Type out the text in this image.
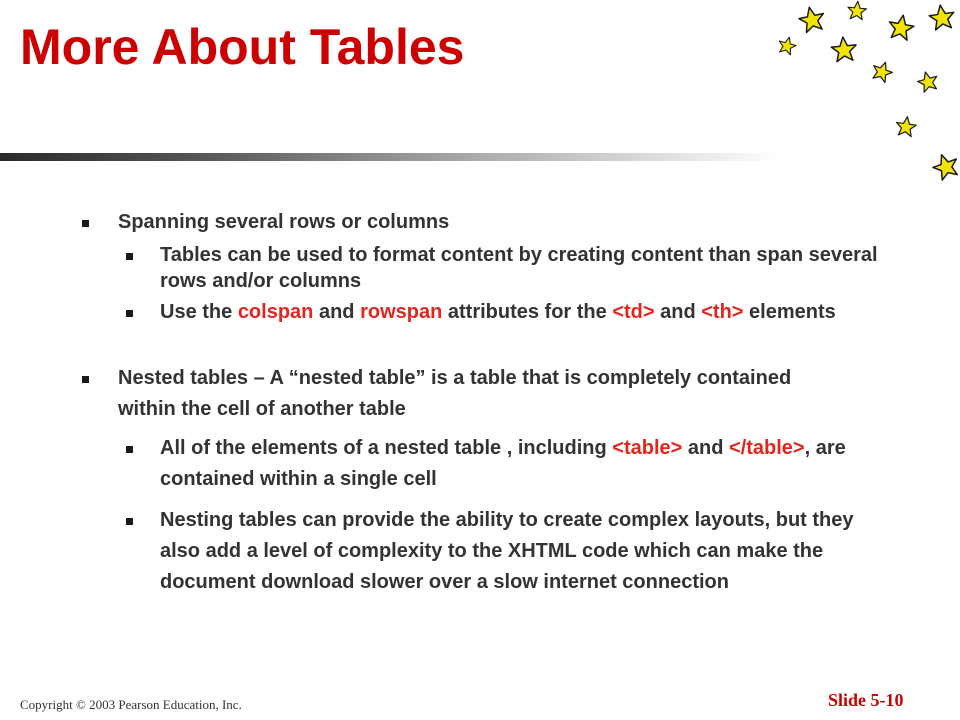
More About Tables
Spanning several rows or columns
Tables can be used to format content by creating content than span several rows and/or columns
Use the colspan and rowspan attributes for the <td> and <th> elements
Nested tables – A “nested table” is a table that is completely contained within the cell of another table
All of the elements of a nested table , including <table> and </table>, are contained within a single cell
Nesting tables can provide the ability to create complex layouts, but they also add a level of complexity to the XHTML code which can make the document download slower over a slow internet connection
Copyright © 2003 Pearson Education, Inc.	Slide 5-10
